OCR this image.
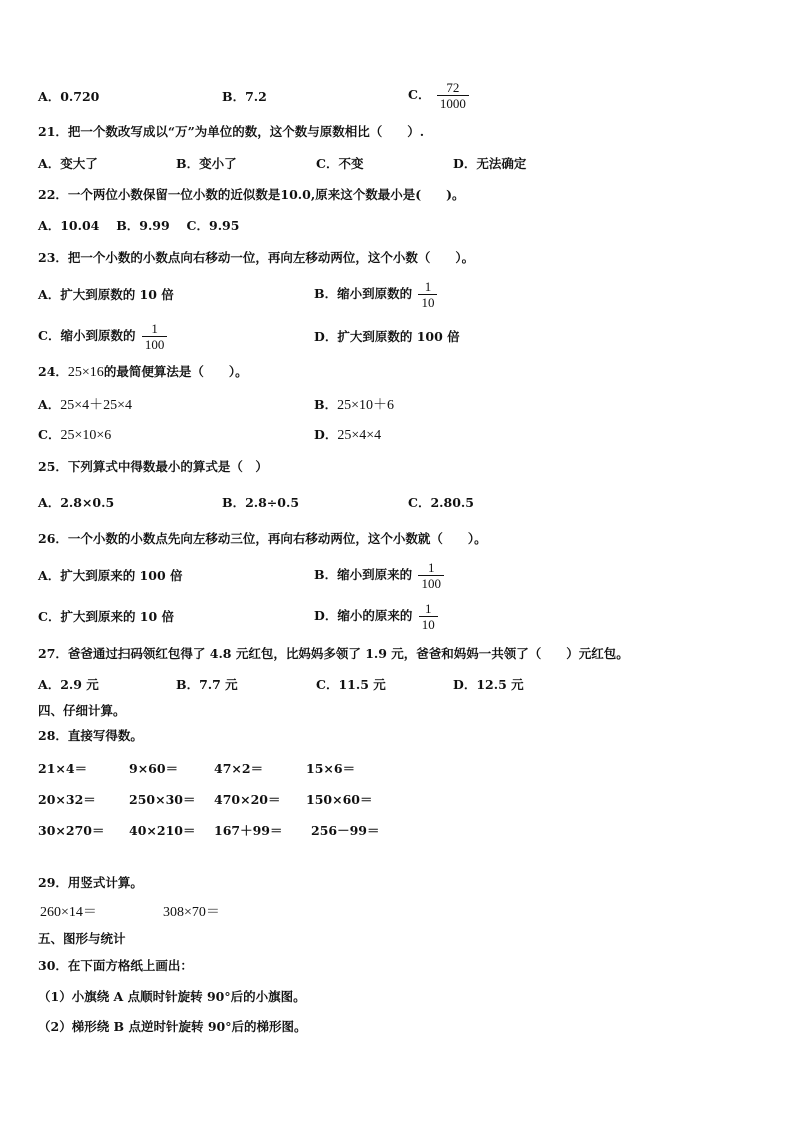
A．0.720	B．7.2	C． $\frac{72}{1000}$
21．把一个数改写成以“万”为单位的数，这个数与原数相比（　　）.
A．变大了	B．变小了	C．不变	D．无法确定
22．一个两位小数保留一位小数的近似数是10.0,原来这个数最小是(　　)。
A．10.04　 B．9.99　 C．9.95
23．把一个小数的小数点向右移动一位，再向左移动两位，这个小数（　　）。
A．扩大到原数的 10 倍	B．缩小到原数的 $\frac{1}{10}$
C．缩小到原数的 $\frac{1}{100}$	D．扩大到原数的 100 倍
24．25×16的最简便算法是（　　）。
A．25×4＋25×4	B．25×10＋6
C．25×10×6	D．25×4×4
25．下列算式中得数最小的算式是（　）
A．2.8×0.5	B．2.8÷0.5	C．2.80.5
26．一个小数的小数点先向左移动三位，再向右移动两位，这个小数就（　　）。
A．扩大到原来的 100 倍	B．缩小到原来的 $\frac{1}{100}$
C．扩大到原来的 10 倍	D．缩小的原来的 $\frac{1}{10}$
27．爸爸通过扫码领红包得了 4.8 元红包，比妈妈多领了 1.9 元，爸爸和妈妈一共领了（　　）元红包。
A．2.9 元	B．7.7 元	C．11.5 元	D．12.5 元
四、仔细计算。
28．直接写得数。
21×4＝	9×60＝	47×2＝	15×6＝
20×32＝	250×30＝ 470×20＝ 150×60＝
30×270＝ 40×210＝ 167＋99＝ 256－99＝
29．用竖式计算。
260×14＝	308×70＝
五、图形与统计
30．在下面方格纸上画出：
（1）小旗绕 A 点顺时针旋转 90°后的小旗图。
（2）梯形绕 B 点逆时针旋转 90°后的梯形图。
